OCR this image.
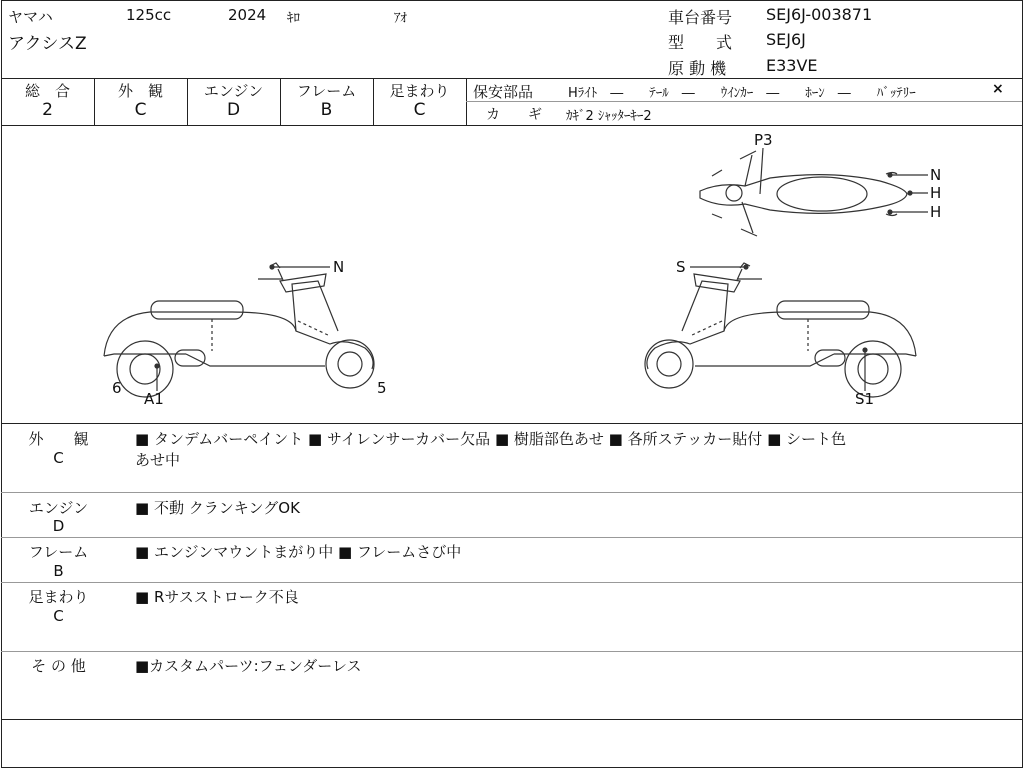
ヤマハ	125cc	2024 ｷﾛ	ｱｵ
アクシスZ
車台番号 SEJ6J-003871
型　　式 SEJ6J
原 動 機 E33VE
総　合
2
外　観
C
エンジン
D
フレーム
B
足まわり
C
保安部品	Hﾗｲﾄ　―　　ﾃｰﾙ　―　　ｳｲﾝｶｰ　―　　ﾎｰﾝ　―　　ﾊﾞｯﾃﾘｰ	×
カ　　ギ ｶｷﾞ2 ｼｬｯﾀｰｷｰ2
P3
N
H
H
N
6
A1
5
S
S1
外　　観
C
■ タンデムバーペイント ■ サイレンサーカバー欠品 ■ 樹脂部色あせ ■ 各所ステッカー貼付 ■ シート色
あせ中
エンジン
D
■ 不動 クランキングOK
フレーム
B
■ エンジンマウントまがり中 ■ フレームさび中
足まわり
C
■ Rサスストローク不良
そ の 他	■カスタムパーツ:フェンダーレス
